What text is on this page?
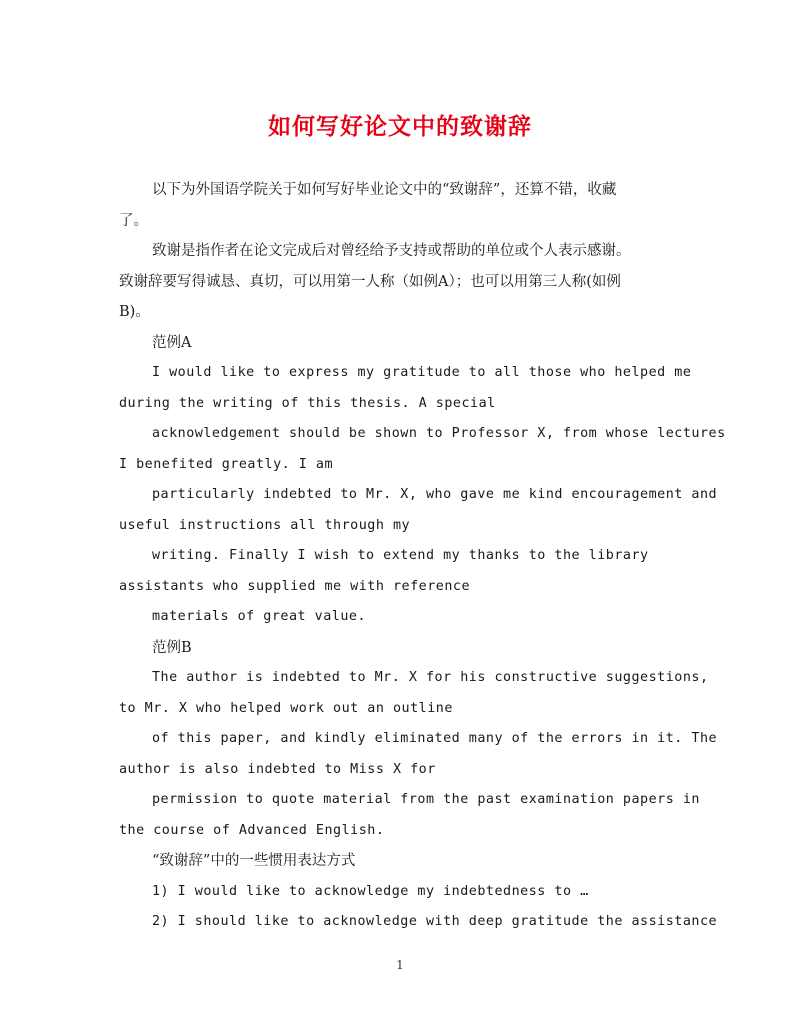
如何写好论文中的致谢辞
以下为外国语学院关于如何写好毕业论文中的“致谢辞”，还算不错，收藏
了。
致谢是指作者在论文完成后对曾经给予支持或帮助的单位或个人表示感谢。
致谢辞要写得诚恳、真切，可以用第一人称（如例A）；也可以用第三人称(如例
B)。
范例A
I would like to express my gratitude to all those who helped me
during the writing of this thesis. A special
acknowledgement should be shown to Professor X, from whose lectures
I benefited greatly. I am
particularly indebted to Mr. X, who gave me kind encouragement and
useful instructions all through my
writing. Finally I wish to extend my thanks to the library
assistants who supplied me with reference
materials of great value.
范例B
The author is indebted to Mr. X for his constructive suggestions,
to Mr. X who helped work out an outline
of this paper, and kindly eliminated many of the errors in it. The
author is also indebted to Miss X for
permission to quote material from the past examination papers in
the course of Advanced English.
“致谢辞”中的一些惯用表达方式
1) I would like to acknowledge my indebtedness to …
2) I should like to acknowledge with deep gratitude the assistance
1
